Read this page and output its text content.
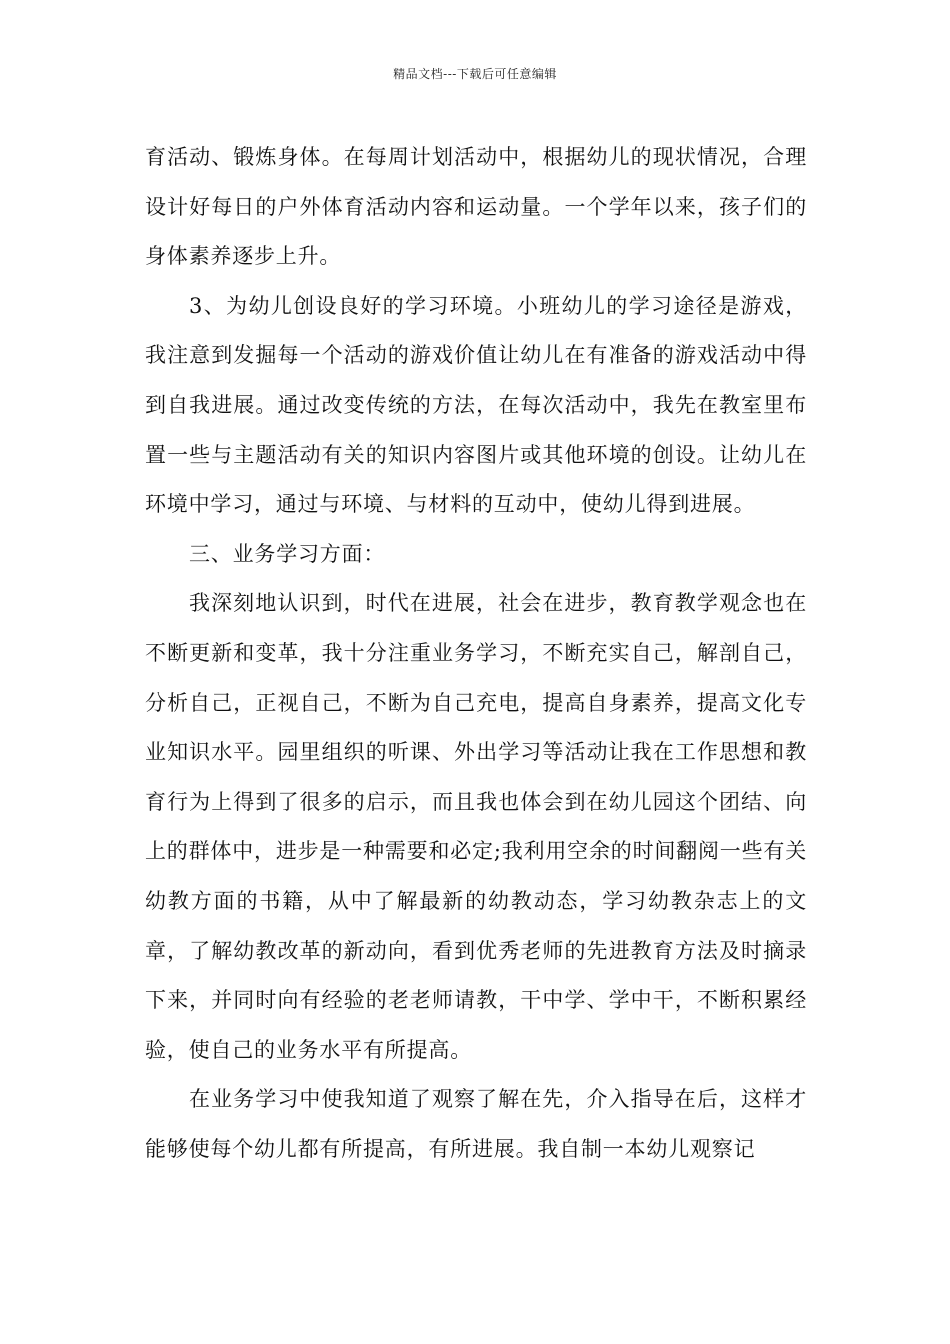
精品文档---下载后可任意编辑

育活动、锻炼身体。在每周计划活动中，根据幼儿的现状情况，合理设计好每日的户外体育活动内容和运动量。一个学年以来，孩子们的身体素养逐步上升。

3、为幼儿创设良好的学习环境。小班幼儿的学习途径是游戏，我注意到发掘每一个活动的游戏价值让幼儿在有准备的游戏活动中得到自我进展。通过改变传统的方法，在每次活动中，我先在教室里布置一些与主题活动有关的知识内容图片或其他环境的创设。让幼儿在环境中学习，通过与环境、与材料的互动中，使幼儿得到进展。

三、业务学习方面：

我深刻地认识到，时代在进展，社会在进步，教育教学观念也在不断更新和变革，我十分注重业务学习，不断充实自己，解剖自己，分析自己，正视自己，不断为自己充电，提高自身素养，提高文化专业知识水平。园里组织的听课、外出学习等活动让我在工作思想和教育行为上得到了很多的启示，而且我也体会到在幼儿园这个团结、向上的群体中，进步是一种需要和必定;我利用空余的时间翻阅一些有关幼教方面的书籍，从中了解最新的幼教动态，学习幼教杂志上的文章，了解幼教改革的新动向，看到优秀老师的先进教育方法及时摘录下来，并同时向有经验的老老师请教，干中学、学中干，不断积累经验，使自己的业务水平有所提高。

在业务学习中使我知道了观察了解在先，介入指导在后，这样才能够使每个幼儿都有所提高，有所进展。我自制一本幼儿观察记
